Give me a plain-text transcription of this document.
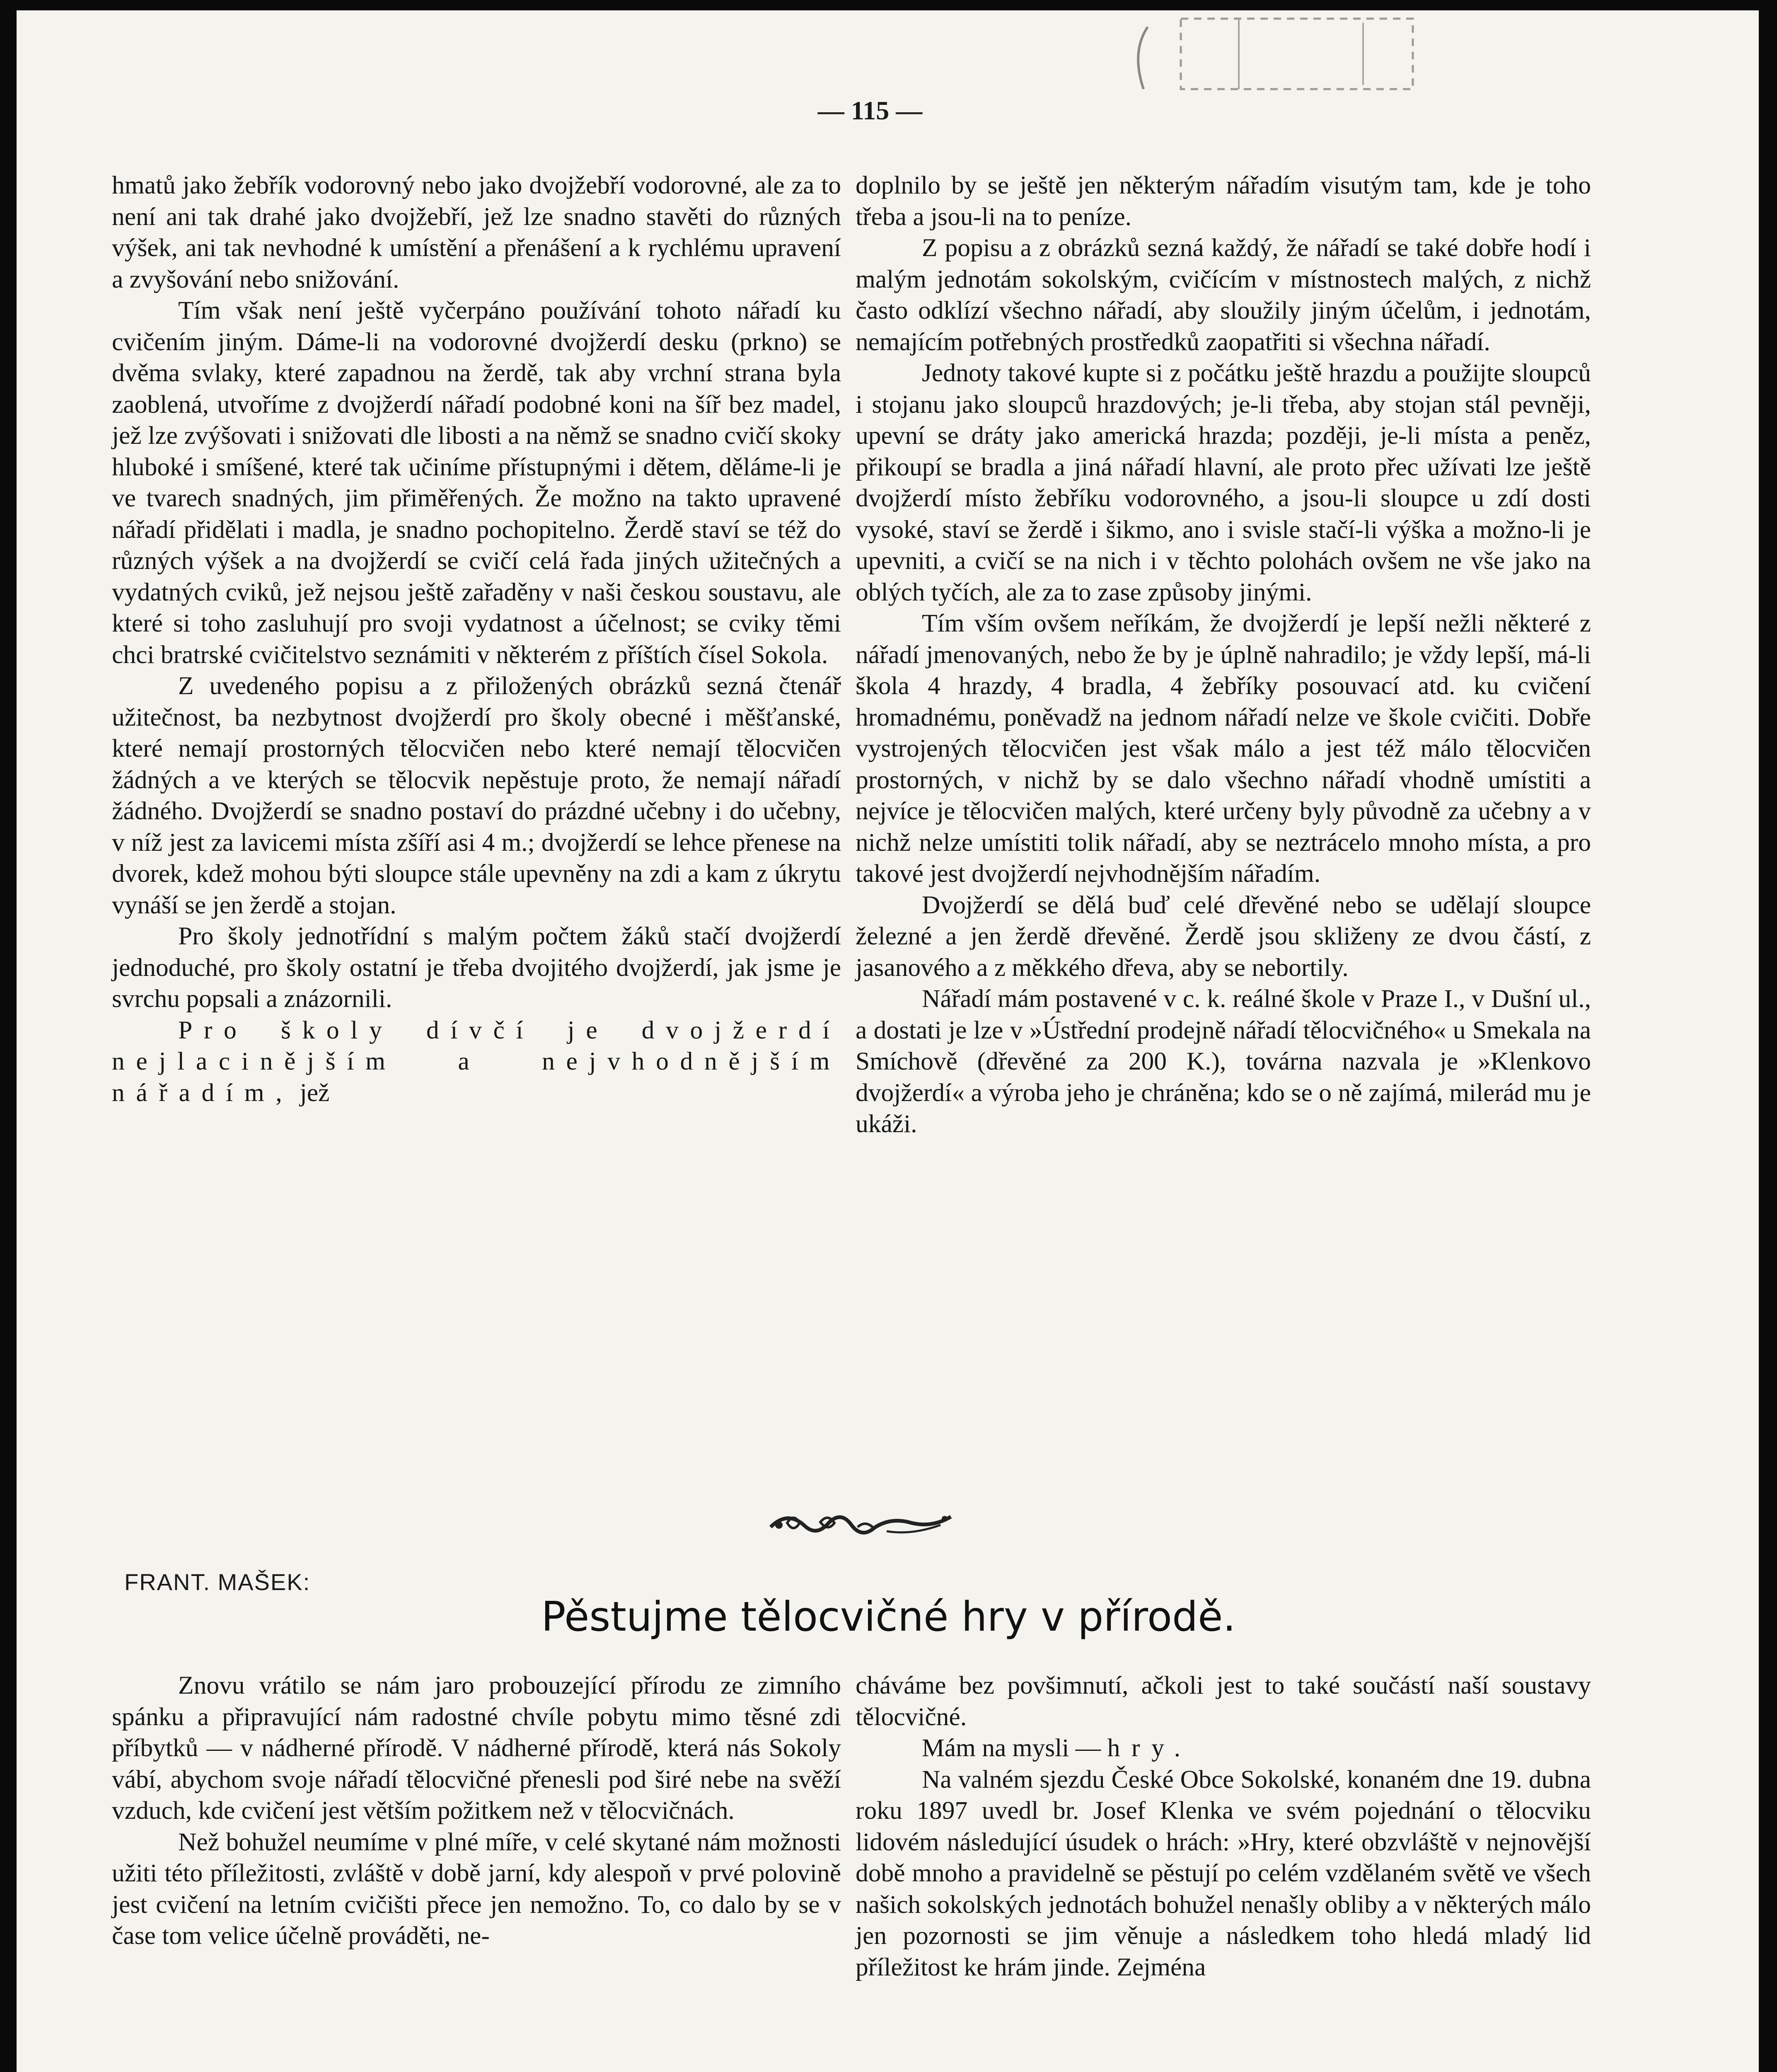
— 115 —

hmatů jako žebřík vodorovný nebo jako dvojžebří vodorovné, ale za to není ani tak drahé jako dvojžebří, jež lze snadno stavěti do různých výšek, ani tak nevhodné k umístění a přenášení a k rychlému upravení a zvyšování nebo snižování.

Tím však není ještě vyčerpáno používání tohoto nářadí ku cvičením jiným. Dáme-li na vodorovné dvojžerdí desku (prkno) se dvěma svlaky, které zapadnou na žerdě, tak aby vrchní strana byla zaoblená, utvoříme z dvojžerdí nářadí podobné koni na šíř bez madel, jež lze zvýšovati i snižovati dle libosti a na němž se snadno cvičí skoky hluboké i smíšené, které tak učiníme přístupnými i dětem, děláme-li je ve tvarech snadných, jim přiměřených. Že možno na takto upravené nářadí přidělati i madla, je snadno pochopitelno. Žerdě staví se též do různých výšek a na dvojžerdí se cvičí celá řada jiných užitečných a vydatných cviků, jež nejsou ještě zařaděny v naši českou soustavu, ale které si toho zasluhují pro svoji vydatnost a účelnost; se cviky těmi chci bratrské cvičitelstvo seznámiti v některém z příštích čísel Sokola.

Z uvedeného popisu a z přiložených obrázků sezná čtenář užitečnost, ba nezbytnost dvojžerdí pro školy obecné i měšťanské, které nemají prostorných tělocvičen nebo které nemají tělocvičen žádných a ve kterých se tělocvik nepěstuje proto, že nemají nářadí žádného. Dvojžerdí se snadno postaví do prázdné učebny i do učebny, v níž jest za lavicemi místa zšíří asi 4 m.; dvojžerdí se lehce přenese na dvorek, kdež mohou býti sloupce stále upevněny na zdi a kam z úkrytu vynáší se jen žerdě a stojan.

Pro školy jednotřídní s malým počtem žáků stačí dvojžerdí jednoduché, pro školy ostatní je třeba dvojitého dvojžerdí, jak jsme je svrchu popsali a znázornili.

Pro školy dívčí je dvojžerdí nejlacinějším a nejvhodnějším nářadím, jež

doplnilo by se ještě jen některým nářadím visutým tam, kde je toho třeba a jsou-li na to peníze.

Z popisu a z obrázků sezná každý, že nářadí se také dobře hodí i malým jednotám sokolským, cvičícím v místnostech malých, z nichž často odklízí všechno nářadí, aby sloužily jiným účelům, i jednotám, nemajícím potřebných prostředků zaopatřiti si všechna nářadí.

Jednoty takové kupte si z počátku ještě hrazdu a použijte sloupců i stojanu jako sloupců hrazdových; je-li třeba, aby stojan stál pevněji, upevní se dráty jako americká hrazda; později, je-li místa a peněz, přikoupí se bradla a jiná nářadí hlavní, ale proto přec užívati lze ještě dvojžerdí místo žebříku vodorovného, a jsou-li sloupce u zdí dosti vysoké, staví se žerdě i šikmo, ano i svisle stačí-li výška a možno-li je upevniti, a cvičí se na nich i v těchto polohách ovšem ne vše jako na oblých tyčích, ale za to zase způsoby jinými.

Tím vším ovšem neříkám, že dvojžerdí je lepší nežli některé z nářadí jmenovaných, nebo že by je úplně nahradilo; je vždy lepší, má-li škola 4 hrazdy, 4 bradla, 4 žebříky posouvací atd. ku cvičení hromadnému, poněvadž na jednom nářadí nelze ve škole cvičiti. Dobře vystrojených tělocvičen jest však málo a jest též málo tělocvičen prostorných, v nichž by se dalo všechno nářadí vhodně umístiti a nejvíce je tělocvičen malých, které určeny byly původně za učebny a v nichž nelze umístiti tolik nářadí, aby se neztrácelo mnoho místa, a pro takové jest dvojžerdí nejvhodnějším nářadím.

Dvojžerdí se dělá buď celé dřevěné nebo se udělají sloupce železné a jen žerdě dřevěné. Žerdě jsou skliženy ze dvou částí, z jasanového a z měkkého dřeva, aby se nebortily.

Nářadí mám postavené v c. k. reálné škole v Praze I., v Dušní ul., a dostati je lze v »Ústřední prodejně nářadí tělocvičného« u Smekala na Smíchově (dřevěné za 200 K.), továrna nazvala je »Klenkovo dvojžerdí« a výroba jeho je chráněna; kdo se o ně zajímá, milerád mu je ukáži.

FRANT. MAŠEK:
Pěstujme tělocvičné hry v přírodě.

Znovu vrátilo se nám jaro probouzející přírodu ze zimního spánku a připravující nám radostné chvíle pobytu mimo těsné zdi příbytků — v nádherné přírodě. V nádherné přírodě, která nás Sokoly vábí, abychom svoje nářadí tělocvičné přenesli pod širé nebe na svěží vzduch, kde cvičení jest větším požitkem než v tělocvičnách.

Než bohužel neumíme v plné míře, v celé skytané nám možnosti užiti této příležitosti, zvláště v době jarní, kdy alespoň v prvé polovině jest cvičení na letním cvičišti přece jen nemožno. To, co dalo by se v čase tom velice účelně prováděti, ne-

cháváme bez povšimnutí, ačkoli jest to také součástí naší soustavy tělocvičné.

Mám na mysli — hry.

Na valném sjezdu České Obce Sokolské, konaném dne 19. dubna roku 1897 uvedl br. Josef Klenka ve svém pojednání o tělocviku lidovém následující úsudek o hrách: »Hry, které obzvláště v nejnovější době mnoho a pravidelně se pěstují po celém vzdělaném světě ve všech našich sokolských jednotách bohužel nenašly obliby a v některých málo jen pozornosti se jim věnuje a následkem toho hledá mladý lid příležitost ke hrám jinde. Zejména
